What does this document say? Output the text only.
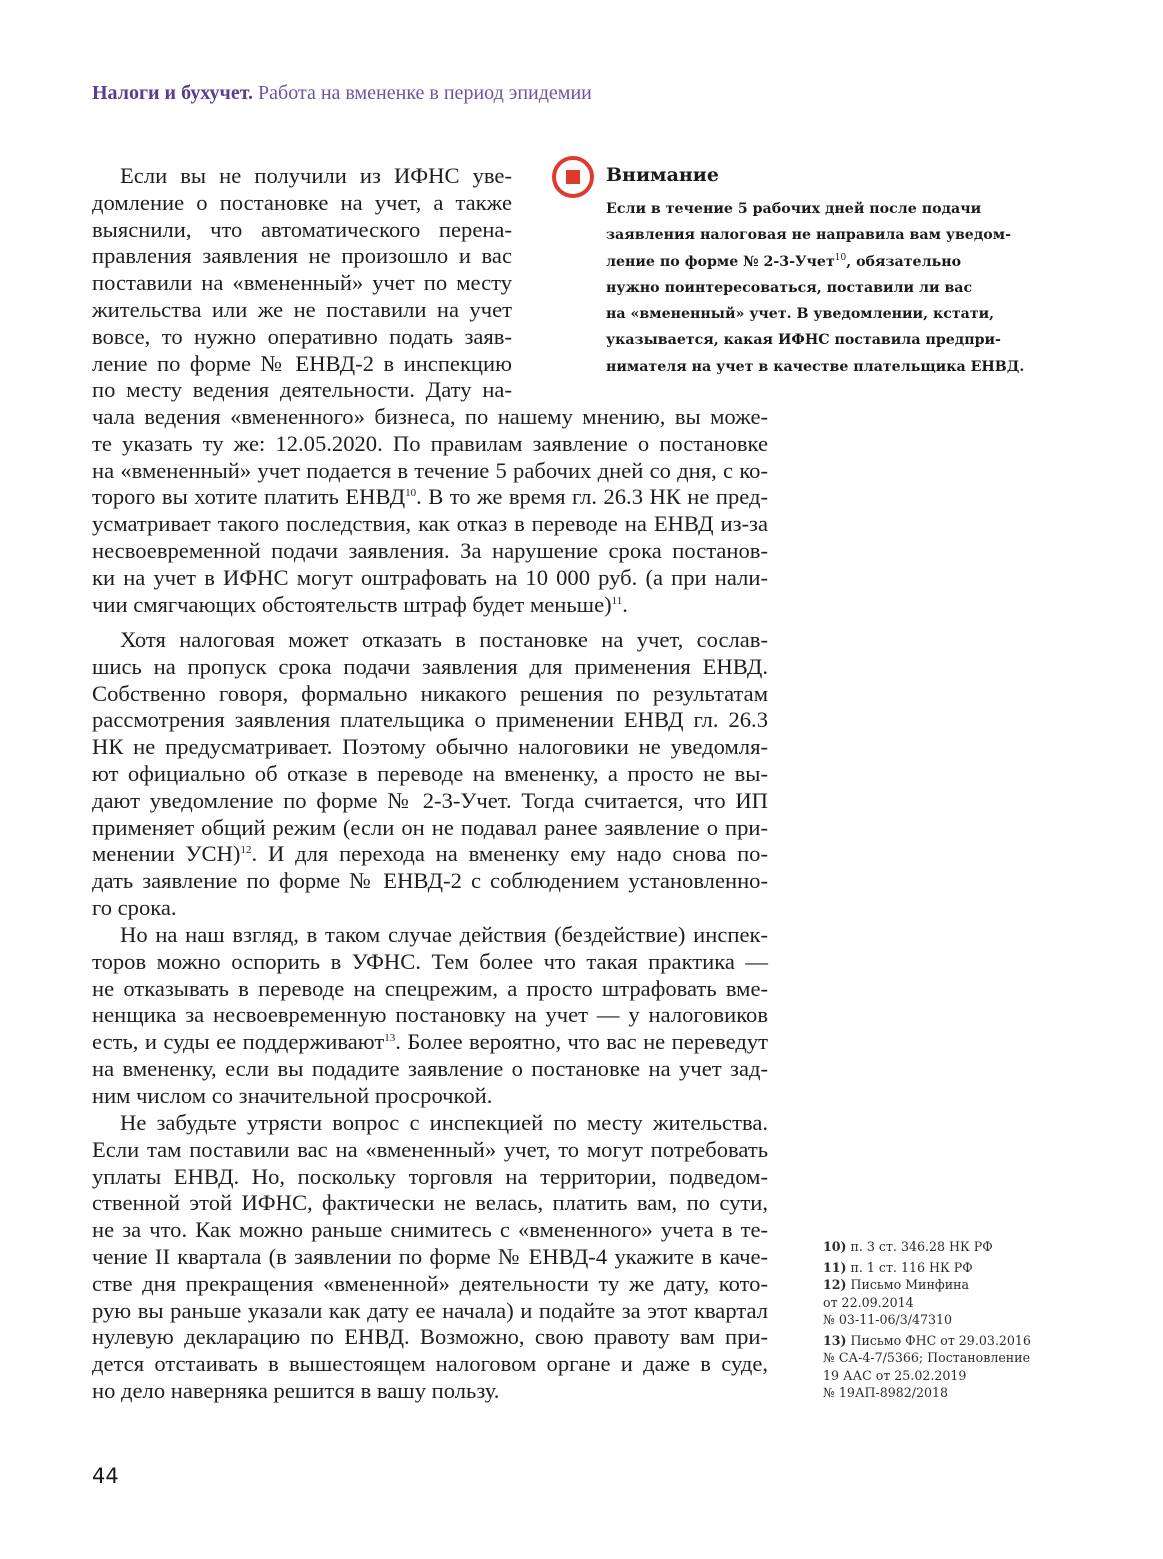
Налоги и бухучет. Работа на вмененке в период эпидемии
Внимание
Если в течение 5 рабочих дней после подачи
заявления налоговая не направила вам уведом-
ление по форме № 2-3-Учет$^{10}$, обязательно
нужно поинтересоваться, поставили ли вас
на «вмененный» учет. В уведомлении, кстати,
указывается, какая ИФНС поставила предпри-
нимателя на учет в качестве плательщика ЕНВД.
Если вы не получили из ИФНС уве-
домление о постановке на учет, а также
выяснили, что автоматического перена-
правления заявления не произошло и вас
поставили на «вмененный» учет по месту
жительства или же не поставили на учет
вовсе, то нужно оперативно подать заяв-
ление по форме № ЕНВД-2 в инспекцию
по месту ведения деятельности. Дату на-
чала ведения «вмененного» бизнеса, по нашему мнению, вы може-
те указать ту же: 12.05.2020. По правилам заявление о постановке
на «вмененный» учет подается в течение 5 рабочих дней со дня, с ко-
торого вы хотите платить ЕНВД$^{10}$. В то же время гл. 26.3 НК не пред-
усматривает такого последствия, как отказ в переводе на ЕНВД из-за
несвоевременной подачи заявления. За нарушение срока постанов-
ки на учет в ИФНС могут оштрафовать на 10 000 руб. (а при нали-
чии смягчающих обстоятельств штраф будет меньше)$^{11}$.
Хотя налоговая может отказать в постановке на учет, сослав-
шись на пропуск срока подачи заявления для применения ЕНВД.
Собственно говоря, формально никакого решения по результатам
рассмотрения заявления плательщика о применении ЕНВД гл. 26.3
НК не предусматривает. Поэтому обычно налоговики не уведомля-
ют официально об отказе в переводе на вмененку, а просто не вы-
дают уведомление по форме № 2-3-Учет. Тогда считается, что ИП
применяет общий режим (если он не подавал ранее заявление о при-
менении УСН)$^{12}$. И для перехода на вмененку ему надо снова по-
дать заявление по форме № ЕНВД-2 с соблюдением установленно-
го срока.
Но на наш взгляд, в таком случае действия (бездействие) инспек-
торов можно оспорить в УФНС. Тем более что такая практика —
не отказывать в переводе на спецрежим, а просто штрафовать вме-
ненщика за несвоевременную постановку на учет — у налоговиков
есть, и суды ее поддерживают$^{13}$. Более вероятно, что вас не переведут
на вмененку, если вы подадите заявление о постановке на учет зад-
ним числом со значительной просрочкой.
Не забудьте утрясти вопрос с инспекцией по месту жительства.
Если там поставили вас на «вмененный» учет, то могут потребовать
уплаты ЕНВД. Но, поскольку торговля на территории, подведом-
ственной этой ИФНС, фактически не велась, платить вам, по сути,
не за что. Как можно раньше снимитесь с «вмененного» учета в те-
чение II квартала (в заявлении по форме № ЕНВД-4 укажите в каче-
стве дня прекращения «вмененной» деятельности ту же дату, кото-
рую вы раньше указали как дату ее начала) и подайте за этот квартал
нулевую декларацию по ЕНВД. Возможно, свою правоту вам при-
дется отстаивать в вышестоящем налоговом органе и даже в суде,
но дело наверняка решится в вашу пользу.
10) п. 3 ст. 346.28 НК РФ
11) п. 1 ст. 116 НК РФ
12) Письмо Минфина
от 22.09.2014
№ 03-11-06/3/47310
13) Письмо ФНС от 29.03.2016
№ СА-4-7/5366; Постановление
19 ААС от 25.02.2019
№ 19АП-8982/2018
44
